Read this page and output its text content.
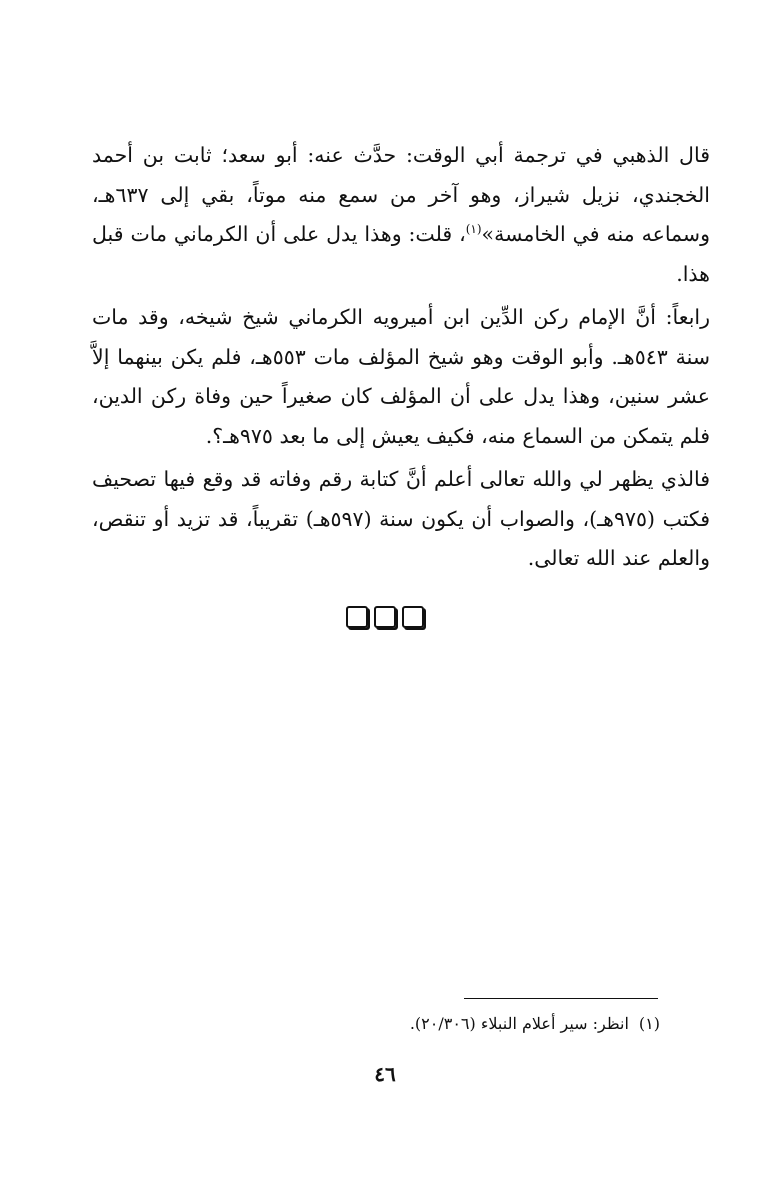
قال الذهبي في ترجمة أبي الوقت: حدَّث عنه: أبو سعد؛ ثابت بن أحمد الخجندي، نزيل شيراز، وهو آخر من سمع منه موتاً، بقي إلى ٦٣٧هـ، وسماعه منه في الخامسة»$^{(١)}$، قلت: وهذا يدل على أن الكرماني مات قبل هذا.

رابعاً: أنَّ الإمام ركن الدِّين ابن أميرويه الكرماني شيخ شيخه، وقد مات سنة ٥٤٣هـ. وأبو الوقت وهو شيخ المؤلف مات ٥٥٣هـ، فلم يكن بينهما إلاَّ عشر سنين، وهذا يدل على أن المؤلف كان صغيراً حين وفاة ركن الدين، فلم يتمكن من السماع منه، فكيف يعيش إلى ما بعد ٩٧٥هـ؟.

فالذي يظهر لي والله تعالى أعلم أنَّ كتابة رقم وفاته قد وقع فيها تصحيف فكتب (٩٧٥هـ)، والصواب أن يكون سنة (٥٩٧هـ) تقريباً، قد تزيد أو تنقص، والعلم عند الله تعالى.

(١)انظر: سير أعلام النبلاء (٢٠/٣٠٦).
٤٦
